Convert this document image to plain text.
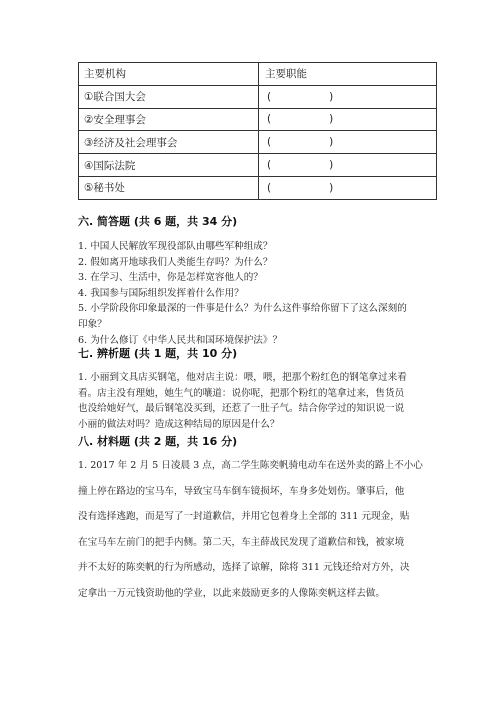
主要机构	主要职能
①联合国大会	( )
②安全理事会	( )
③经济及社会理事会	( )
④国际法院	( )
⑤秘书处	( )
六. 简答题 (共 6 题，共 34 分)
1. 中国人民解放军现役部队由哪些军种组成？
2. 假如离开地球我们人类能生存吗？为什么？
3. 在学习、生活中，你是怎样宽容他人的？
4. 我国参与国际组织发挥着什么作用？
5. 小学阶段你印象最深的一件事是什么？为什么这件事给你留下了这么深刻的
印象？
6. 为什么修订《中华人民共和国环境保护法》？
七. 辨析题 (共 1 题，共 10 分)
1. 小丽到文具店买钢笔，他对店主说：喂，喂，把那个粉红色的钢笔拿过来看
看。店主没有理她，她生气的嚷道：说你呢，把那个粉红的笔拿过来，售货员
也没给她好气，最后钢笔没买到，还惹了一肚子气。结合你学过的知识说一说
小丽的做法对吗？造成这种结局的原因是什么？
八. 材料题 (共 2 题，共 16 分)
1. 2017 年 2 月 5 日凌晨 3 点，高二学生陈奕帆骑电动车在送外卖的路上不小心
撞上停在路边的宝马车，导致宝马车倒车镜损坏，车身多处划伤。肇事后，他
没有选择逃跑，而是写了一封道歉信，并用它包着身上全部的 311 元现金，贴
在宝马车左前门的把手内侧。第二天，车主薛战民发现了道歉信和钱，被家境
并不太好的陈奕帆的行为所感动，选择了谅解，除将 311 元钱还给对方外，决
定拿出一万元钱资助他的学业，以此来鼓励更多的人像陈奕帆这样去做。
